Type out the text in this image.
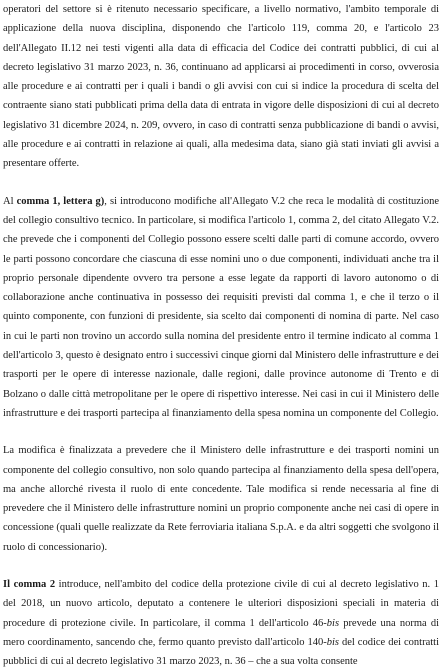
operatori del settore si è ritenuto necessario specificare, a livello normativo, l'ambito temporale di applicazione della nuova disciplina, disponendo che l'articolo 119, comma 20, e l'articolo 23 dell'Allegato II.12 nei testi vigenti alla data di efficacia del Codice dei contratti pubblici, di cui al decreto legislativo 31 marzo 2023, n. 36, continuano ad applicarsi ai procedimenti in corso, ovverosia alle procedure e ai contratti per i quali i bandi o gli avvisi con cui si indice la procedura di scelta del contraente siano stati pubblicati prima della data di entrata in vigore delle disposizioni di cui al decreto legislativo 31 dicembre 2024, n. 209, ovvero, in caso di contratti senza pubblicazione di bandi o avvisi, alle procedure e ai contratti in relazione ai quali, alla medesima data, siano già stati inviati gli avvisi a presentare offerte.

Al comma 1, lettera g), si introducono modifiche all'Allegato V.2 che reca le modalità di costituzione del collegio consultivo tecnico. In particolare, si modifica l'articolo 1, comma 2, del citato Allegato V.2. che prevede che i componenti del Collegio possono essere scelti dalle parti di comune accordo, ovvero le parti possono concordare che ciascuna di esse nomini uno o due componenti, individuati anche tra il proprio personale dipendente ovvero tra persone a esse legate da rapporti di lavoro autonomo o di collaborazione anche continuativa in possesso dei requisiti previsti dal comma 1, e che il terzo o il quinto componente, con funzioni di presidente, sia scelto dai componenti di nomina di parte. Nel caso in cui le parti non trovino un accordo sulla nomina del presidente entro il termine indicato al comma 1 dell'articolo 3, questo è designato entro i successivi cinque giorni dal Ministero delle infrastrutture e dei trasporti per le opere di interesse nazionale, dalle regioni, dalle province autonome di Trento e di Bolzano o dalle città metropolitane per le opere di rispettivo interesse. Nei casi in cui il Ministero delle infrastrutture e dei trasporti partecipa al finanziamento della spesa nomina un componente del Collegio.

La modifica è finalizzata a prevedere che il Ministero delle infrastrutture e dei trasporti nomini un componente del collegio consultivo, non solo quando partecipa al finanziamento della spesa dell'opera, ma anche allorché rivesta il ruolo di ente concedente. Tale modifica si rende necessaria al fine di prevedere che il Ministero delle infrastrutture nomini un proprio componente anche nei casi di opere in concessione (quali quelle realizzate da Rete ferroviaria italiana S.p.A. e da altri soggetti che svolgono il ruolo di concessionario).

Il comma 2 introduce, nell'ambito del codice della protezione civile di cui al decreto legislativo n. 1 del 2018, un nuovo articolo, deputato a contenere le ulteriori disposizioni speciali in materia di procedure di protezione civile. In particolare, il comma 1 dell'articolo 46-bis prevede una norma di mero coordinamento, sancendo che, fermo quanto previsto dall'articolo 140-bis del codice dei contratti pubblici di cui al decreto legislativo 31 marzo 2023, n. 36 – che a sua volta consente
